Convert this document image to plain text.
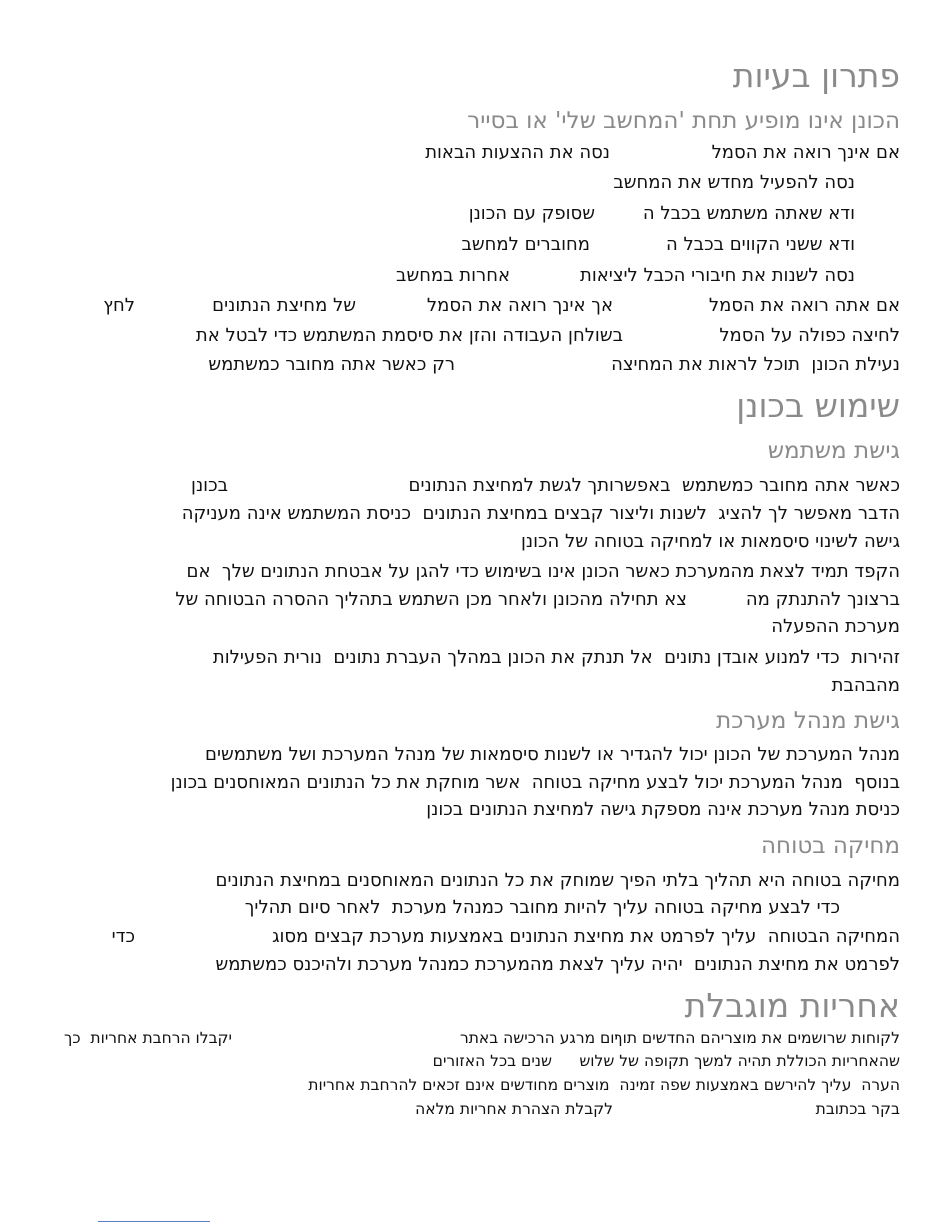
פתרון בעיות
הכונן אינו מופיע תחת 'המחשב שלי' או בסייר
אם אינך רואה את הסמל
נסה את ההצעות הבאות
נסה להפעיל מחדש את המחשב
ודא שאתה משתמש בכבל ה
שסופק עם הכונן
ודא ששני הקווים בכבל ה
מחוברים למחשב
נסה לשנות את חיבורי הכבל ליציאות
אחרות במחשב
אם אתה רואה את הסמל
אך אינך רואה את הסמל
של מחיצת הנתונים
לחץ
לחיצה כפולה על הסמל
בשולחן העבודה והזן את סיסמת המשתמש כדי לבטל את
נעילת הכונן  תוכל לראות את המחיצה
רק כאשר אתה מחובר כמשתמש
שימוש בכונן
גישת משתמש
כאשר אתה מחובר כמשתמש  באפשרותך לגשת למחיצת הנתונים
בכונן
הדבר מאפשר לך להציג  לשנות וליצור קבצים במחיצת הנתונים  כניסת המשתמש אינה מעניקה
גישה לשינוי סיסמאות או למחיקה בטוחה של הכונן
הקפד תמיד לצאת מהמערכת כאשר הכונן אינו בשימוש כדי להגן על אבטחת הנתונים שלך  אם
ברצונך להתנתק מה
צא תחילה מהכונן ולאחר מכן השתמש בתהליך ההסרה הבטוחה של
מערכת ההפעלה
זהירות  כדי למנוע אובדן נתונים  אל תנתק את הכונן במהלך העברת נתונים  נורית הפעילות
מהבהבת
גישת מנהל מערכת
מנהל המערכת של הכונן יכול להגדיר או לשנות סיסמאות של מנהל המערכת ושל משתמשים
בנוסף  מנהל המערכת יכול לבצע מחיקה בטוחה  אשר מוחקת את כל הנתונים המאוחסנים בכונן
כניסת מנהל מערכת אינה מספקת גישה למחיצת הנתונים בכונן
מחיקה בטוחה
מחיקה בטוחה היא תהליך בלתי הפיך שמוחק את כל הנתונים המאוחסנים במחיצת הנתונים
כדי לבצע מחיקה בטוחה עליך להיות מחובר כמנהל מערכת  לאחר סיום תהליך
המחיקה הבטוחה  עליך לפרמט את מחיצת הנתונים באמצעות מערכת קבצים מסוג
כדי
לפרמט את מחיצת הנתונים  יהיה עליך לצאת מהמערכת כמנהל מערכת ולהיכנס כמשתמש
אחריות מוגבלת
לקוחות שרושמים את מוצריהם החדשים תוך
יום מרגע הרכישה באתר
יקבלו הרחבת אחריות  כך
שהאחריות הכוללת תהיה למשך תקופה של שלוש
שנים בכל האזורים
הערה  עליך להירשם באמצעות שפה זמינה  מוצרים מחודשים אינם זכאים להרחבת אחריות
בקר בכתובת
לקבלת הצהרת אחריות מלאה
